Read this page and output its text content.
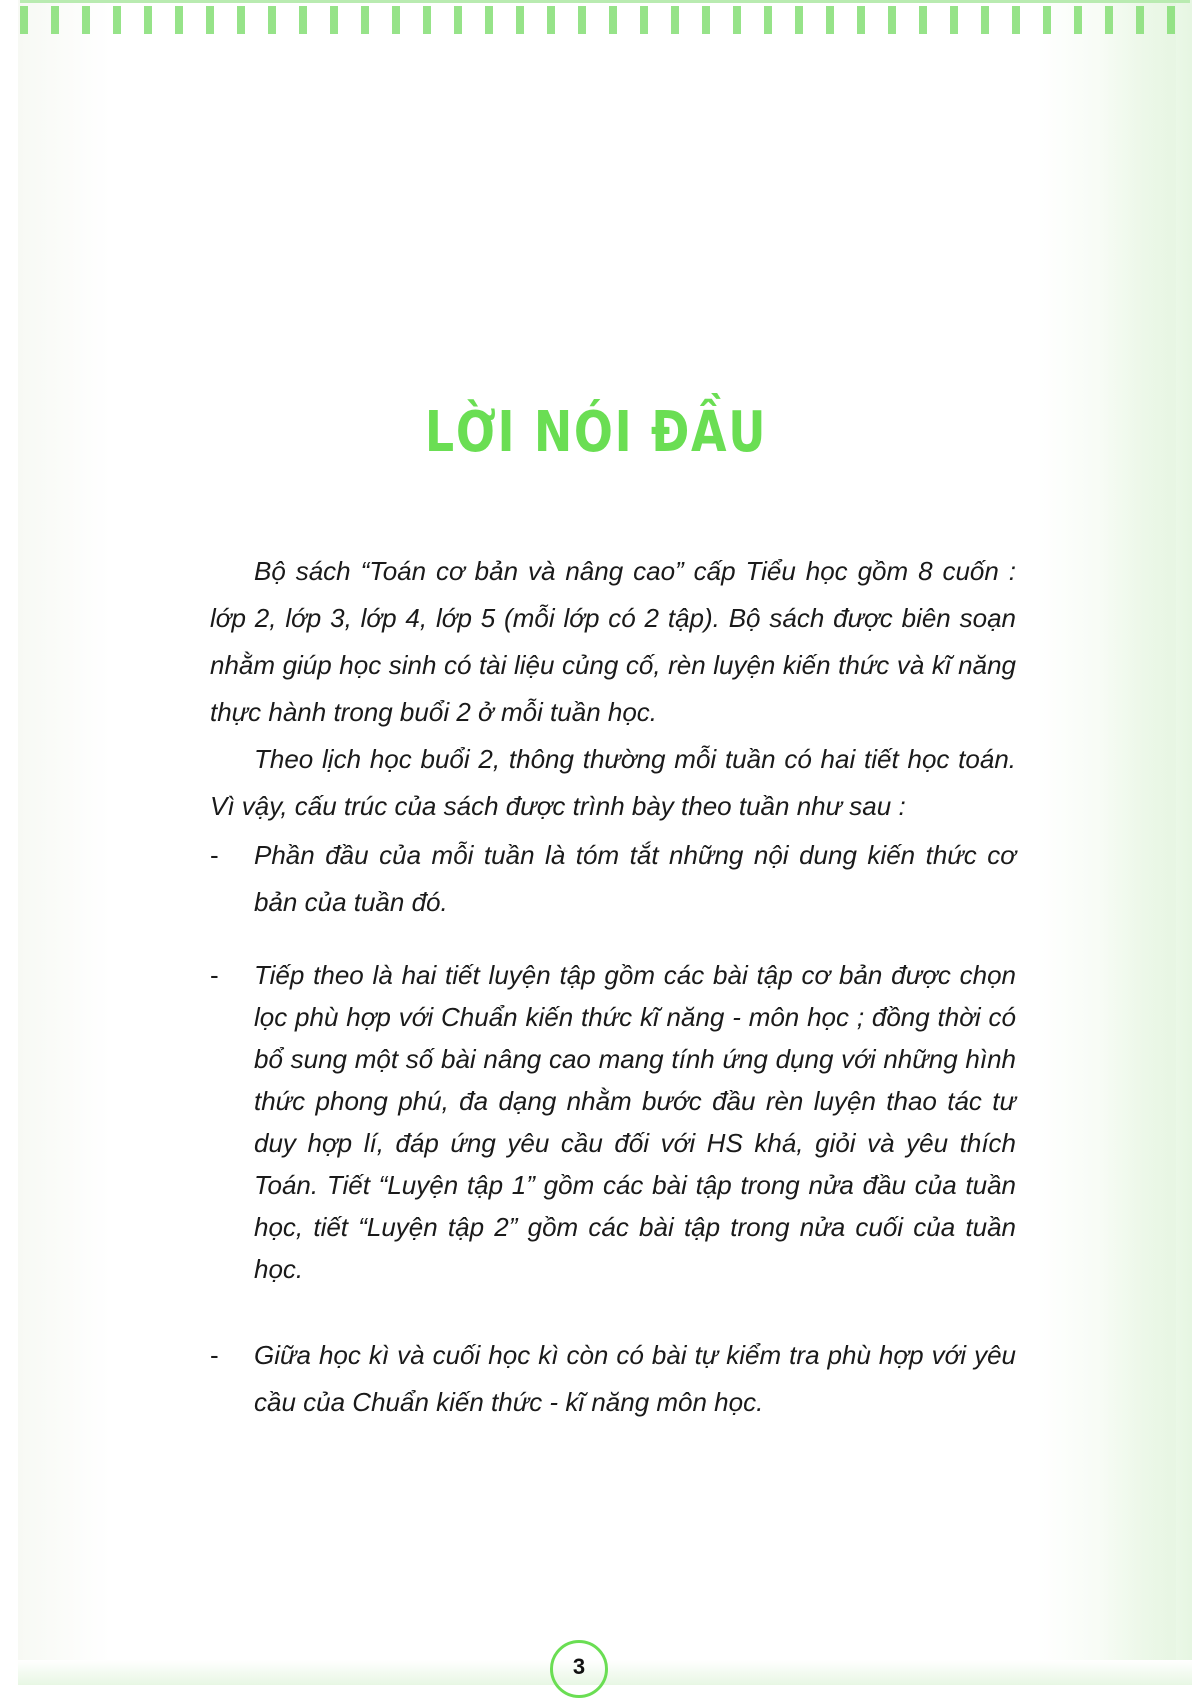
LỜI NÓI ĐẦU

Bộ sách “Toán cơ bản và nâng cao” cấp Tiểu học gồm 8 cuốn : lớp 2, lớp 3, lớp 4, lớp 5 (mỗi lớp có 2 tập). Bộ sách được biên soạn nhằm giúp học sinh có tài liệu củng cố, rèn luyện kiến thức và kĩ năng thực hành trong buổi 2 ở mỗi tuần học.

Theo lịch học buổi 2, thông thường mỗi tuần có hai tiết học toán. Vì vậy, cấu trúc của sách được trình bày theo tuần như sau :

- Phần đầu của mỗi tuần là tóm tắt những nội dung kiến thức cơ bản của tuần đó.
- Tiếp theo là hai tiết luyện tập gồm các bài tập cơ bản được chọn lọc phù hợp với Chuẩn kiến thức kĩ năng - môn học ; đồng thời có bổ sung một số bài nâng cao mang tính ứng dụng với những hình thức phong phú, đa dạng nhằm bước đầu rèn luyện thao tác tư duy hợp lí, đáp ứng yêu cầu đối với HS khá, giỏi và yêu thích Toán. Tiết “Luyện tập 1” gồm các bài tập trong nửa đầu của tuần học, tiết “Luyện tập 2” gồm các bài tập trong nửa cuối của tuần học.
- Giữa học kì và cuối học kì còn có bài tự kiểm tra phù hợp với yêu cầu của Chuẩn kiến thức - kĩ năng môn học.
3
